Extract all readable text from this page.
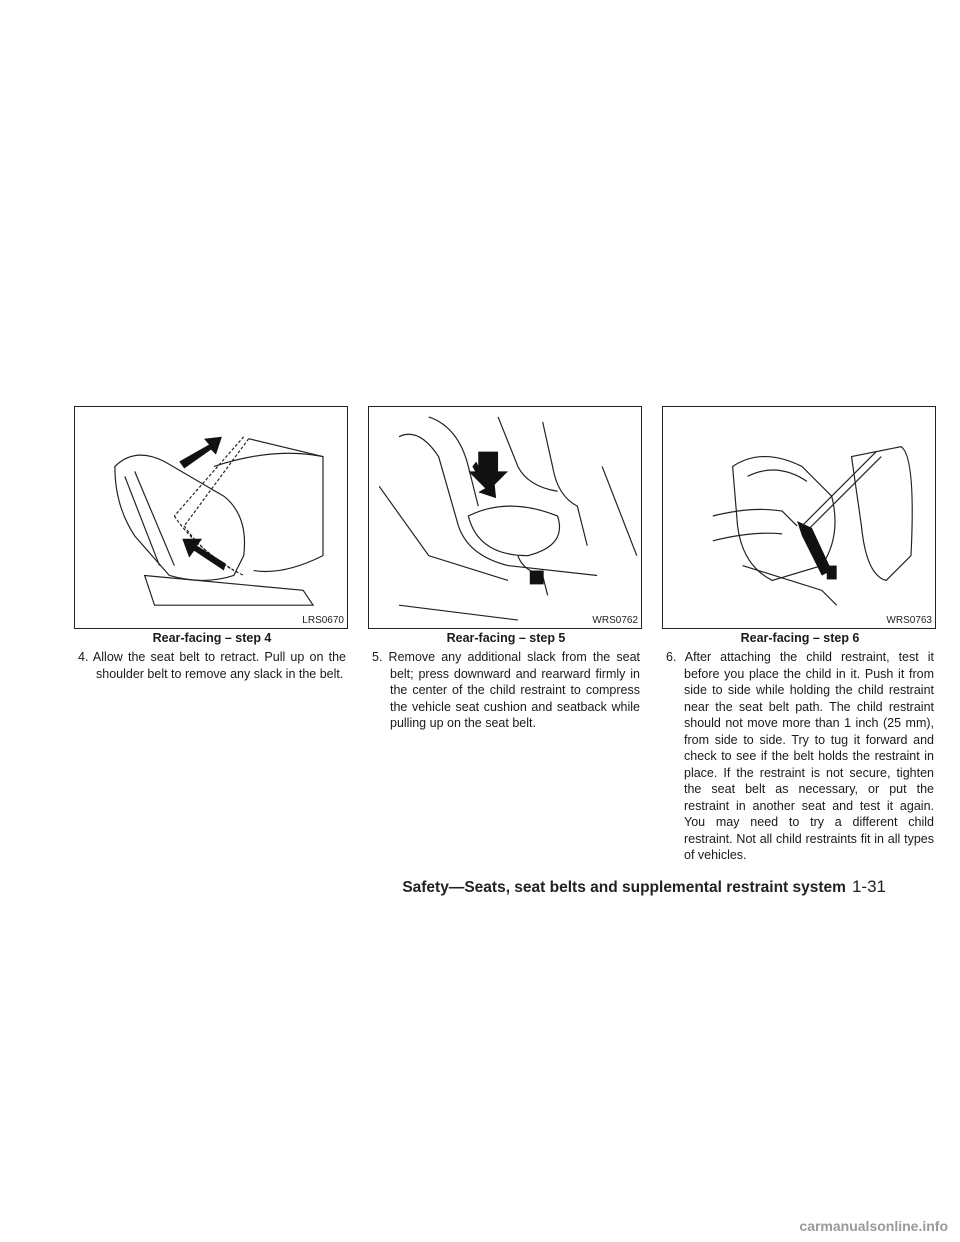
LRS0670
Rear-facing – step 4

4. Allow the seat belt to retract. Pull up on the shoulder belt to remove any slack in the belt.

WRS0762
Rear-facing – step 5

5. Remove any additional slack from the seat belt; press downward and rearward firmly in the center of the child restraint to compress the vehicle seat cushion and seatback while pulling up on the seat belt.

WRS0763
Rear-facing – step 6

6. After attaching the child restraint, test it before you place the child in it. Push it from side to side while holding the child restraint near the seat belt path. The child restraint should not move more than 1 inch (25 mm), from side to side. Try to tug it forward and check to see if the belt holds the restraint in place. If the restraint is not secure, tighten the seat belt as necessary, or put the restraint in another seat and test it again. You may need to try a different child restraint. Not all child restraints fit in all types of vehicles.

Safety—Seats, seat belts and supplemental restraint system 1-31
carmanualsonline.info
